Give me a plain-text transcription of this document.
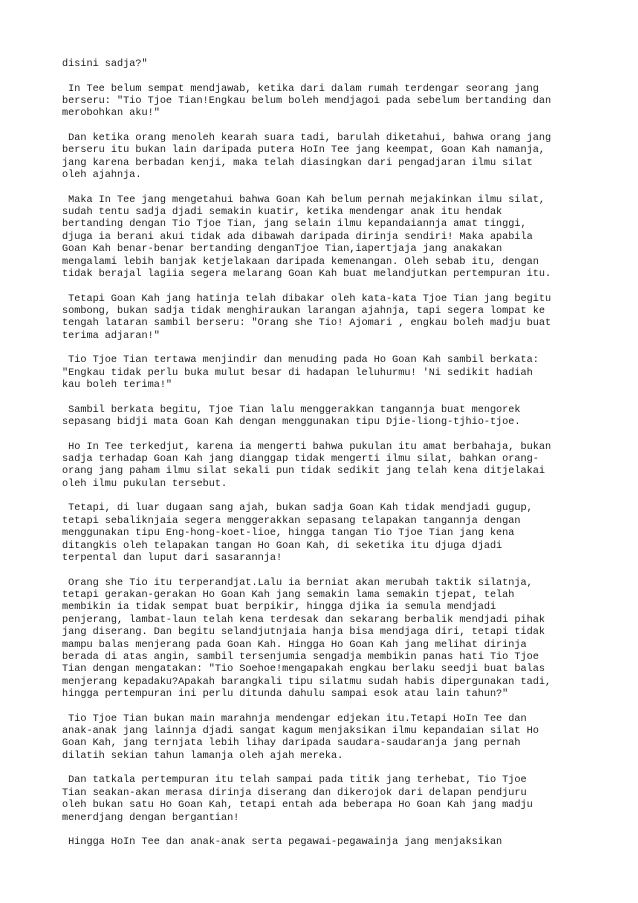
disini sadja?"
In Tee belum sempat mendjawab, ketika dari dalam rumah terdengar seorang jang
berseru: "Tio Tjoe Tian!Engkau belum boleh mendjagoi pada sebelum bertanding dan
merobohkan aku!"
Dan ketika orang menoleh kearah suara tadi, barulah diketahui, bahwa orang jang
berseru itu bukan lain daripada putera HoIn Tee jang keempat, Goan Kah namanja,
jang karena berbadan kenji, maka telah diasingkan dari pengadjaran ilmu silat
oleh ajahnja.
Maka In Tee jang mengetahui bahwa Goan Kah belum pernah mejakinkan ilmu silat,
sudah tentu sadja djadi semakin kuatir, ketika mendengar anak itu hendak
bertanding dengan Tio Tjoe Tian, jang selain ilmu kepandaiannja amat tinggi,
djuga ia berani akui tidak ada dibawah daripada dirinja sendiri! Maka apabila
Goan Kah benar-benar bertanding denganTjoe Tian,iapertjaja jang anakakan
mengalami lebih banjak ketjelakaan daripada kemenangan. Oleh sebab itu, dengan
tidak berajal lagiia segera melarang Goan Kah buat melandjutkan pertempuran itu.
Tetapi Goan Kah jang hatinja telah dibakar oleh kata-kata Tjoe Tian jang begitu
sombong, bukan sadja tidak menghiraukan larangan ajahnja, tapi segera lompat ke
tengah lataran sambil berseru: "Orang she Tio! Ajomari , engkau boleh madju buat
terima adjaran!"
Tio Tjoe Tian tertawa menjindir dan menuding pada Ho Goan Kah sambil berkata:
"Engkau tidak perlu buka mulut besar di hadapan leluhurmu! 'Ni sedikit hadiah
kau boleh terima!"
Sambil berkata begitu, Tjoe Tian lalu menggerakkan tangannja buat mengorek
sepasang bidji mata Goan Kah dengan menggunakan tipu Djie-liong-tjhio-tjoe.
Ho In Tee terkedjut, karena ia mengerti bahwa pukulan itu amat berbahaja, bukan
sadja terhadap Goan Kah jang dianggap tidak mengerti ilmu silat, bahkan orang-
orang jang paham ilmu silat sekali pun tidak sedikit jang telah kena ditjelakai
oleh ilmu pukulan tersebut.
Tetapi, di luar dugaan sang ajah, bukan sadja Goan Kah tidak mendjadi gugup,
tetapi sebaliknjaia segera menggerakkan sepasang telapakan tangannja dengan
menggunakan tipu Eng-hong-koet-lioe, hingga tangan Tio Tjoe Tian jang kena
ditangkis oleh telapakan tangan Ho Goan Kah, di seketika itu djuga djadi
terpental dan luput dari sasarannja!
Orang she Tio itu terperandjat.Lalu ia berniat akan merubah taktik silatnja,
tetapi gerakan-gerakan Ho Goan Kah jang semakin lama semakin tjepat, telah
membikin ia tidak sempat buat berpikir, hingga djika ia semula mendjadi
penjerang, lambat-laun telah kena terdesak dan sekarang berbalik mendjadi pihak
jang diserang. Dan begitu selandjutnjaia hanja bisa mendjaga diri, tetapi tidak
mampu balas menjerang pada Goan Kah. Hingga Ho Goan Kah jang melihat dirinja
berada di atas angin, sambil tersenjumia sengadja membikin panas hati Tio Tjoe
Tian dengan mengatakan: "Tio Soehoe!mengapakah engkau berlaku seedji buat balas
menjerang kepadaku?Apakah barangkali tipu silatmu sudah habis dipergunakan tadi,
hingga pertempuran ini perlu ditunda dahulu sampai esok atau lain tahun?"
Tio Tjoe Tian bukan main marahnja mendengar edjekan itu.Tetapi HoIn Tee dan
anak-anak jang lainnja djadi sangat kagum menjaksikan ilmu kepandaian silat Ho
Goan Kah, jang ternjata lebih lihay daripada saudara-saudaranja jang pernah
dilatih sekian tahun lamanja oleh ajah mereka.
Dan tatkala pertempuran itu telah sampai pada titik jang terhebat, Tio Tjoe
Tian seakan-akan merasa dirinja diserang dan dikerojok dari delapan pendjuru
oleh bukan satu Ho Goan Kah, tetapi entah ada beberapa Ho Goan Kah jang madju
menerdjang dengan bergantian!
Hingga HoIn Tee dan anak-anak serta pegawai-pegawainja jang menjaksikan
